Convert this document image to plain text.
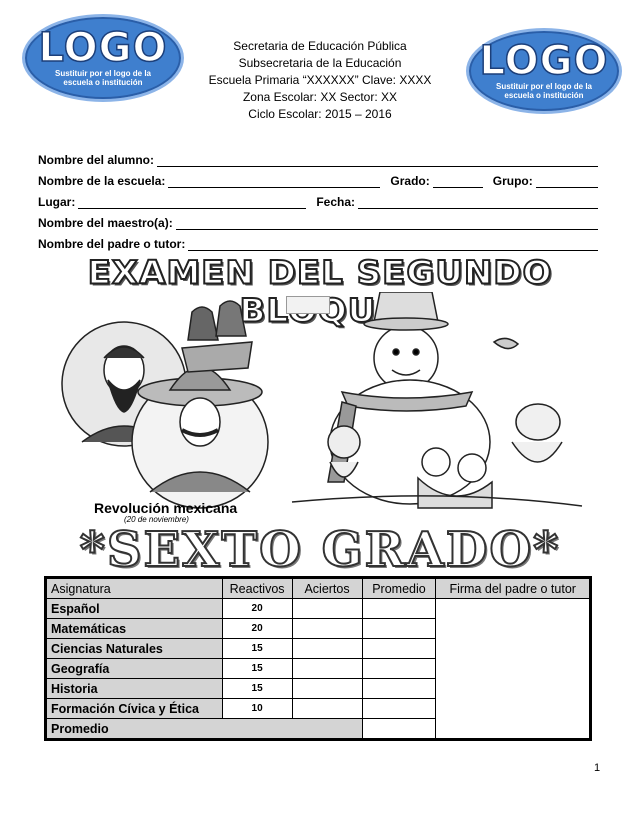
LOGO
Sustituir por el logo de la
escuela o institución	LOGO
Sustituir por el logo de la
escuela o institución
Secretaria de Educación Pública
Subsecretaria de la Educación
Escuela Primaria “XXXXXX” Clave: XXXX
Zona Escolar: XX Sector: XX
Ciclo Escolar: 2015 – 2016
Nombre del alumno:
Nombre de la escuela:	Grado:	Grupo:
Lugar:	Fecha:
Nombre del maestro(a):
Nombre del padre o tutor:
EXAMEN DEL SEGUNDO
Revolución mexicana
(20 de noviembre)
*SEXTO GRADO*
Asignatura	Reactivos	Aciertos	Promedio	Firma del padre o tutor
Español	20			
Matemáticas	20			
Ciencias Naturales	15			
Geografía	15			
Historia	15			
Formación Cívica y Ética	10			
Promedio				
1
